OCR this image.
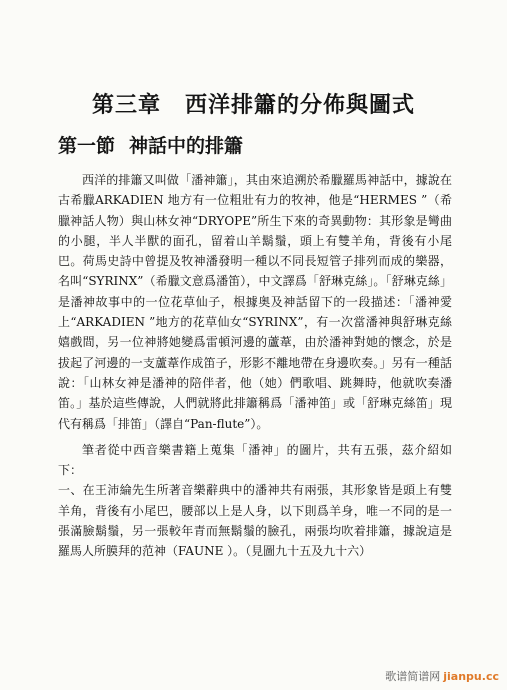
第三章 西洋排簫的分佈與圖式
第一節 神話中的排簫

西洋的排簫又叫做「潘神簫」，其由來追溯於希臘羅馬神話中，據說在古希臘ARKADIEN 地方有一位粗壯有力的牧神，他是“HERMES ”（希臘神話人物）與山林女神“DRYOPE”所生下來的奇異動物：其形象是彎曲的小腿，半人半獸的面孔，留着山羊鬍鬚，頭上有雙羊角，背後有小尾巴。荷馬史詩中曾提及牧神潘發明一種以不同長短管子排列而成的樂器，名叫“SYRINX”（希臘文意爲潘笛），中文譯爲「舒琳克絲」。「舒琳克絲」是潘神故事中的一位花草仙子，根據奥及神話留下的一段描述：「潘神愛上“ARKADIEN ”地方的花草仙女“SYRINX”，有一次當潘神與舒琳克絲嬉戲間，另一位神將她變爲雷頓河邊的蘆葦，由於潘神對她的懷念，於是拔起了河邊的一支蘆葦作成笛子，形影不離地帶在身邊吹奏。」另有一種話說：「山林女神是潘神的陪伴者，他（她）們歌唱、跳舞時，他就吹奏潘笛。」基於這些傳說，人們就將此排簫稱爲「潘神笛」或「舒琳克絲笛」現代有稱爲「排笛」（譯自“Pan-flute”）。

筆者從中西音樂書籍上蒐集「潘神」的圖片，共有五張，茲介紹如下：

一、在王沛綸先生所著音樂辭典中的潘神共有兩張，其形象皆是頭上有雙羊角，背後有小尾巴，腰部以上是人身，以下則爲羊身，唯一不同的是一張滿臉鬍鬚，另一張較年青而無鬍鬚的臉孔，兩張均吹着排簫，據說這是羅馬人所膜拜的范神（FAUNE ）。（見圖九十五及九十六）

歌谱简谱网 jianpu.cc
